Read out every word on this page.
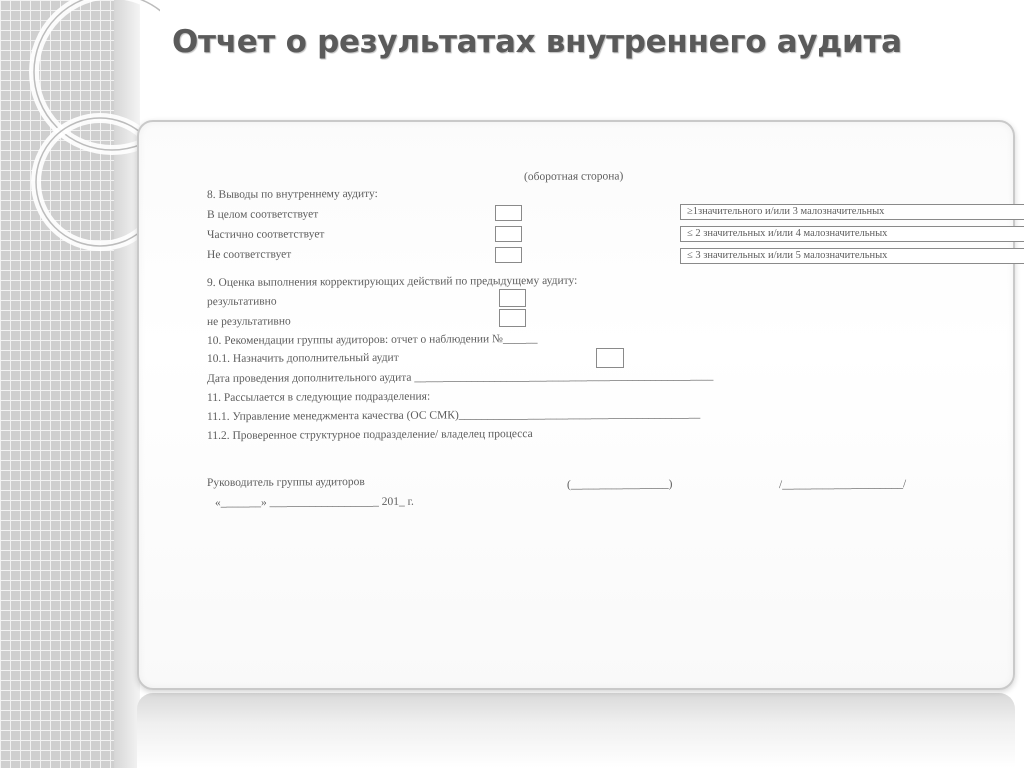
Отчет о результатах внутреннего аудита

(оборотная сторона)

8. Выводы по внутреннему аудиту:

В целом соответствует	≥1значительного и/или 3 малозначительных

Частично соответствует	≤ 2 значительных и/или 4 малозначительных

Не соответствует	≤ 3 значительных и/или 5 малозначительных

9. Оценка выполнения корректирующих действий по предыдущему аудиту:

результативно

не результативно

10. Рекомендации группы аудиторов: отчет о наблюдении №______

10.1. Назначить дополнительный аудит

Дата проведения дополнительного аудита ____________________________________________________

11. Рассылается в следующие подразделения:

11.1. Управление менеджмента качества (ОС СМК)__________________________________________

11.2. Проверенное структурное подразделение/ владелец процесса

Руководитель группы аудиторов	(_________________)	/_____________________/

«_______» ___________________ 201_ г.
